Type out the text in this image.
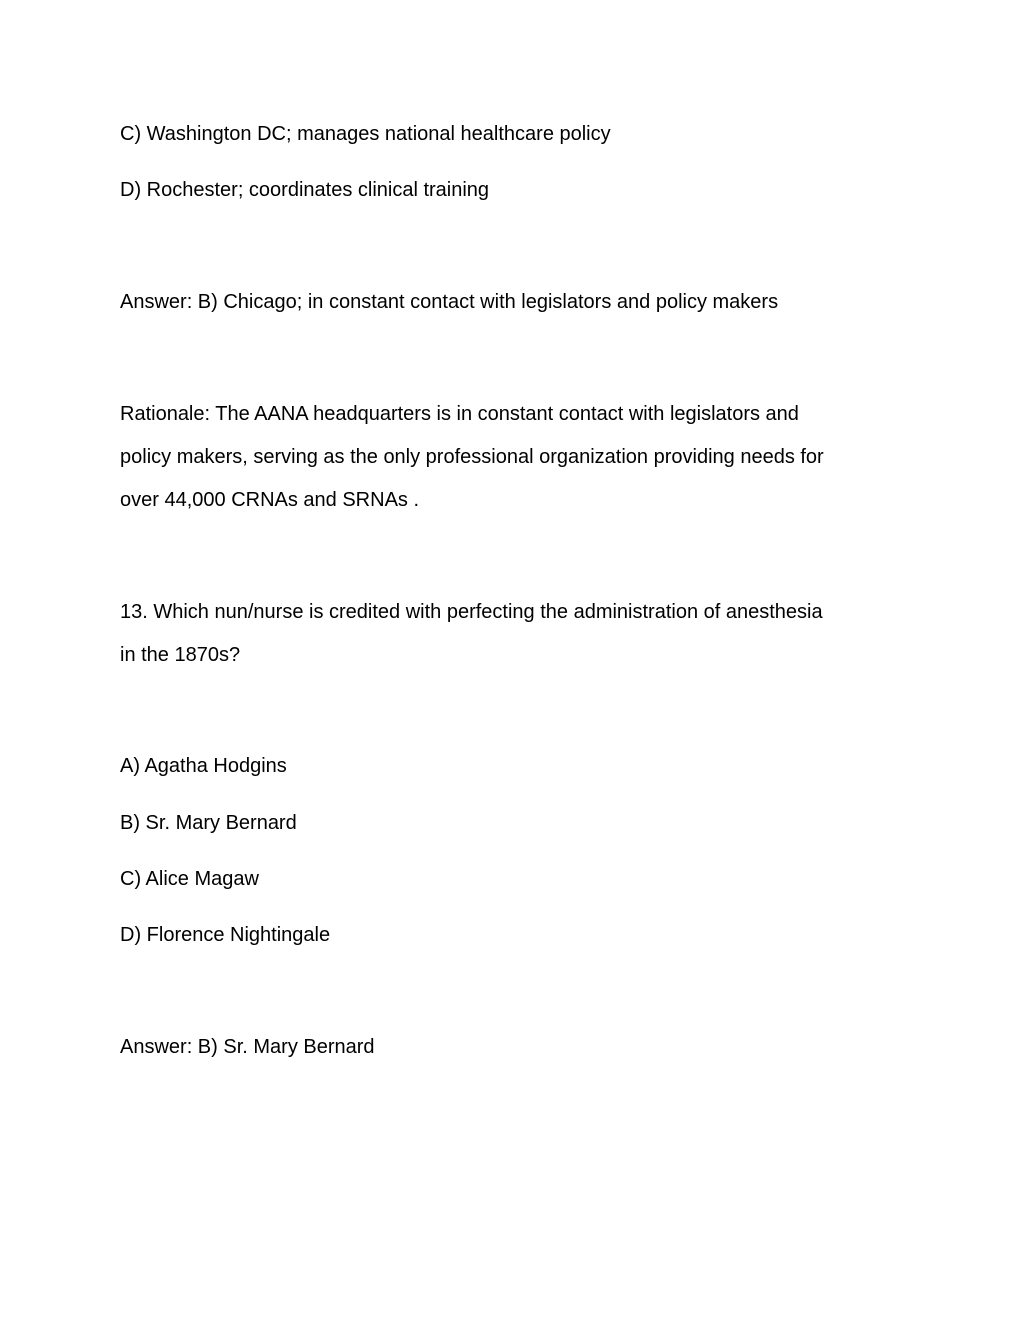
C) Washington DC; manages national healthcare policy

D) Rochester; coordinates clinical training

Answer: B) Chicago; in constant contact with legislators and policy makers

Rationale: The AANA headquarters is in constant contact with legislators and
policy makers, serving as the only professional organization providing needs for
over 44,000 CRNAs and SRNAs .
13. Which nun/nurse is credited with perfecting the administration of anesthesia
in the 1870s?

A) Agatha Hodgins

B) Sr. Mary Bernard

C) Alice Magaw

D) Florence Nightingale

Answer: B) Sr. Mary Bernard
